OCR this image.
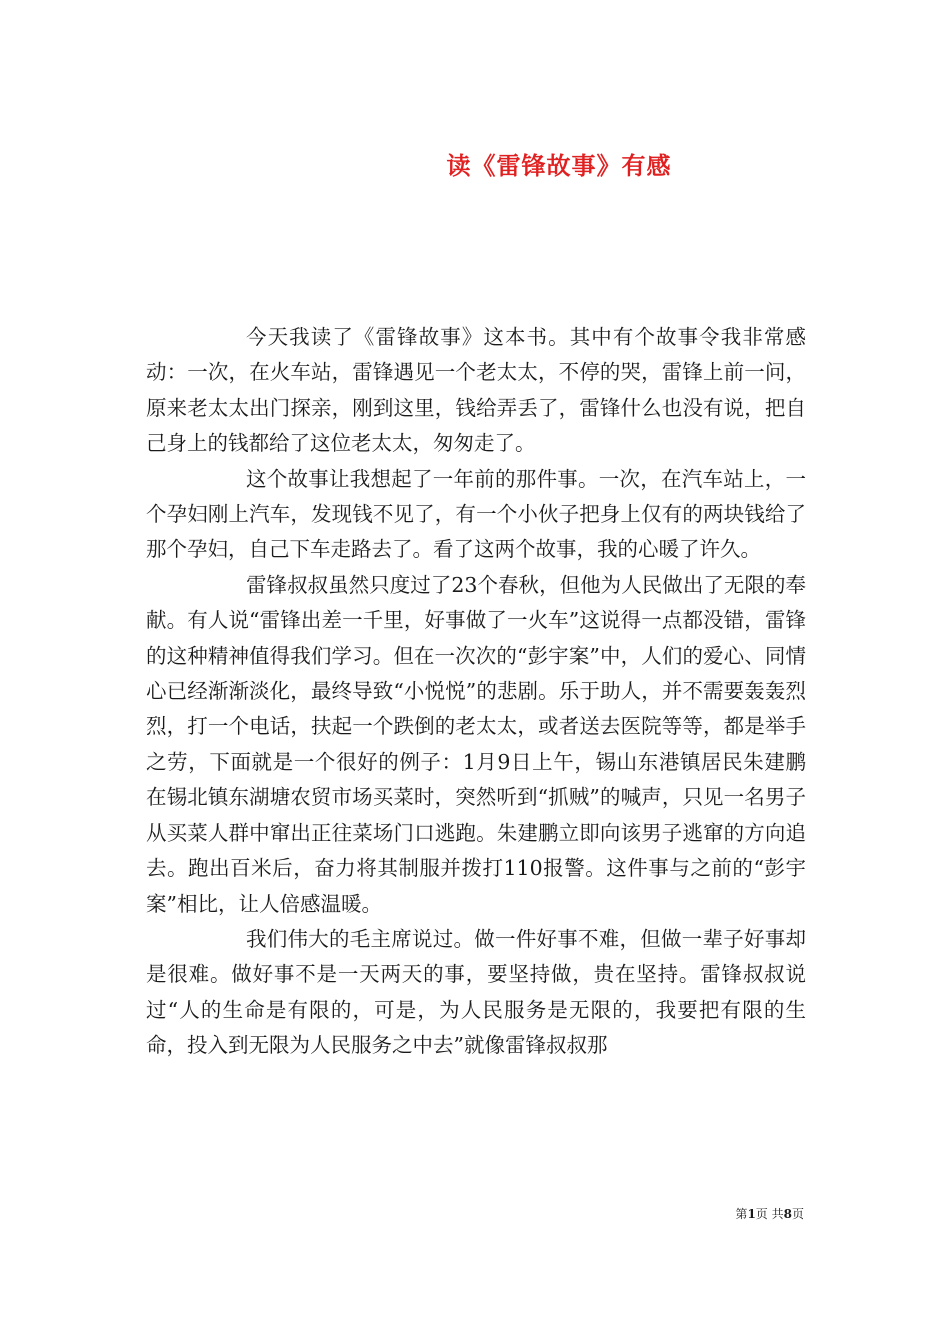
读《雷锋故事》有感

今天我读了《雷锋故事》这本书。其中有个故事令我非常感动：一次，在火车站，雷锋遇见一个老太太，不停的哭，雷锋上前一问，原来老太太出门探亲，刚到这里，钱给弄丢了，雷锋什么也没有说，把自己身上的钱都给了这位老太太，匆匆走了。

这个故事让我想起了一年前的那件事。一次，在汽车站上，一个孕妇刚上汽车，发现钱不见了，有一个小伙子把身上仅有的两块钱给了那个孕妇，自己下车走路去了。看了这两个故事，我的心暖了许久。

雷锋叔叔虽然只度过了23个春秋，但他为人民做出了无限的奉献。有人说“雷锋出差一千里，好事做了一火车”这说得一点都没错，雷锋的这种精神值得我们学习。但在一次次的“彭宇案”中，人们的爱心、同情心已经渐渐淡化，最终导致“小悦悦”的悲剧。乐于助人，并不需要轰轰烈烈，打一个电话，扶起一个跌倒的老太太，或者送去医院等等，都是举手之劳，下面就是一个很好的例子：1月9日上午，锡山东港镇居民朱建鹏在锡北镇东湖塘农贸市场买菜时，突然听到“抓贼”的喊声，只见一名男子从买菜人群中窜出正往菜场门口逃跑。朱建鹏立即向该男子逃窜的方向追去。跑出百米后，奋力将其制服并拨打110报警。这件事与之前的“彭宇案”相比，让人倍感温暖。

我们伟大的毛主席说过。做一件好事不难，但做一辈子好事却是很难。做好事不是一天两天的事，要坚持做，贵在坚持。雷锋叔叔说过“人的生命是有限的，可是，为人民服务是无限的，我要把有限的生命，投入到无限为人民服务之中去”就像雷锋叔叔那

第1页 共8页
